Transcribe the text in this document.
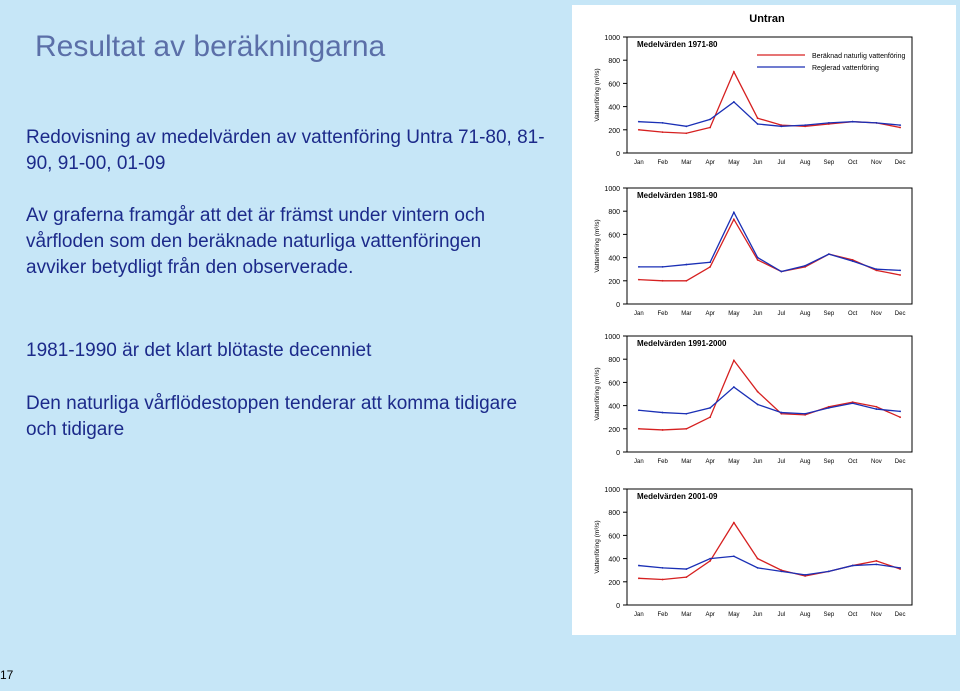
Resultat av beräkningarna

Redovisning av medelvärden av vattenföring Untra 71-80, 81-90, 91-00, 01-09

Av graferna framgår att det är främst under vintern och vårfloden som den beräknade naturliga vattenföringen avviker betydligt från den observerade.

1981-1990 är det klart blötaste decenniet

Den naturliga vårflödestoppen tenderar att komma tidigare och tidigare

17
Untran
0
200
400
600
800
1000
Jan Feb Mar Apr May Jun	Jul Aug Sep Oct Nov Dec
Vattenföring (m³/s)
Medelvärden 1971-80
Beräknad naturlig vattenföring
Reglerad vattenföring
0
200
400
600
800
1000
Jan Feb Mar Apr May Jun	Jul Aug Sep Oct Nov Dec
Vattenföring (m³/s)
Medelvärden 1981-90
0
200
400
600
800
1000
Jan Feb Mar Apr May Jun	Jul Aug Sep Oct Nov Dec
Vattenföring (m³/s)
Medelvärden 1991-2000
0
200
400
600
800
1000
Jan Feb Mar Apr May Jun	Jul Aug Sep Oct Nov Dec
Vattenföring (m³/s)
Medelvärden 2001-09
